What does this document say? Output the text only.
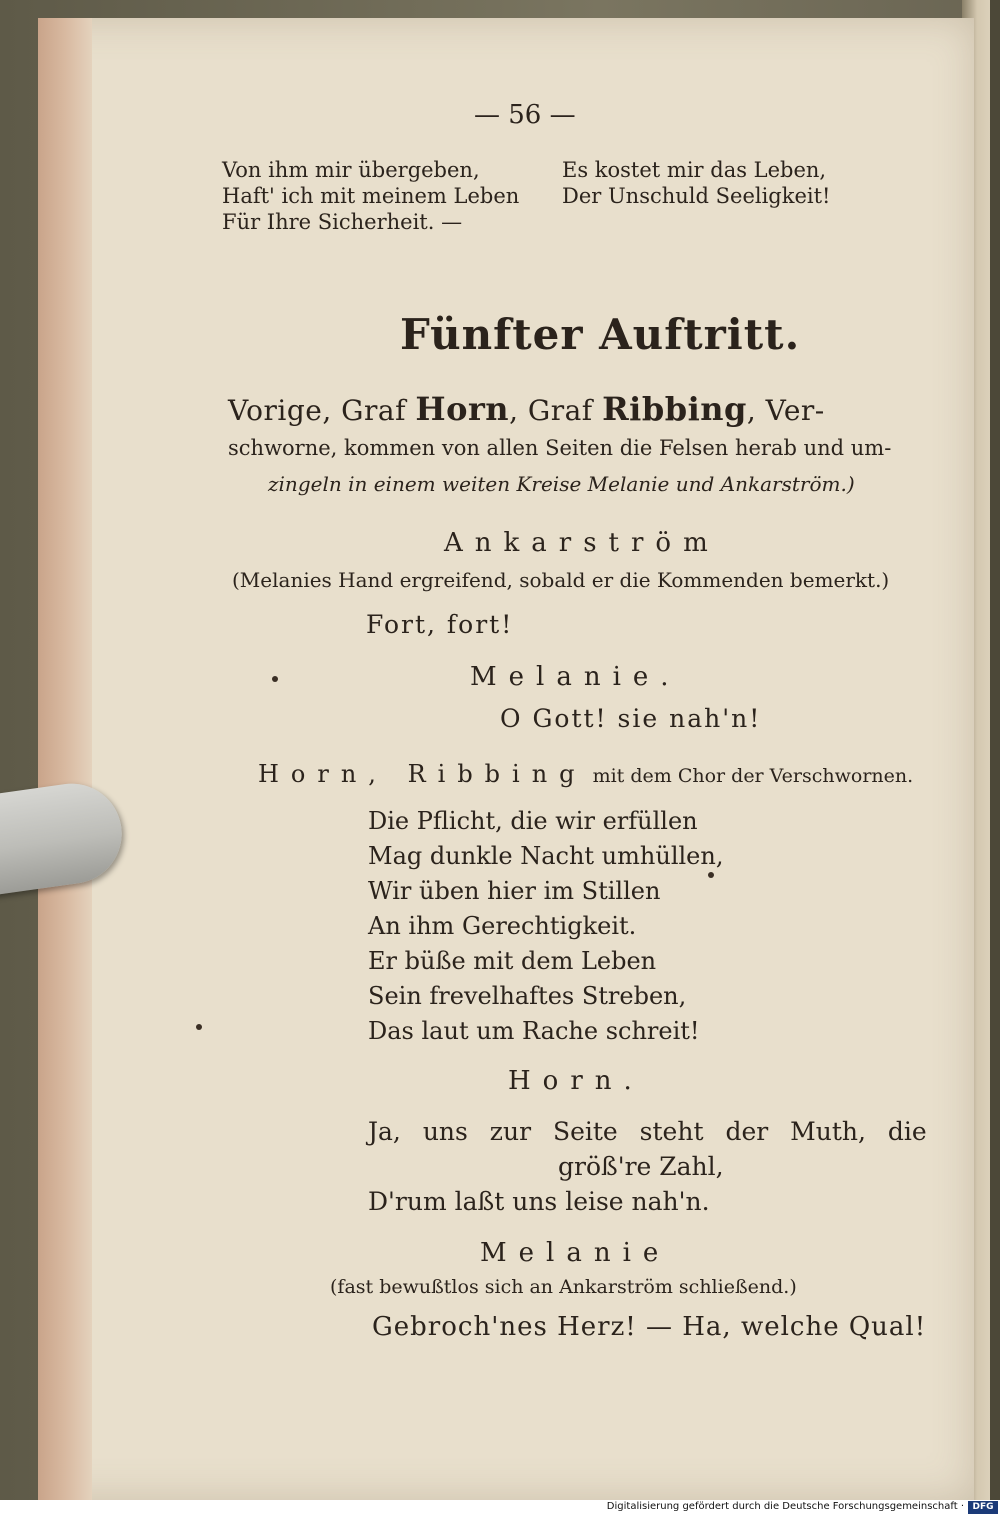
— 56 —
Von ihm mir übergeben,
Haft' ich mit meinem Leben
Für Ihre Sicherheit. —
Es kostet mir das Leben,
Der Unschuld Seeligkeit!
Fünfter Auftritt.
Vorige, Graf Horn, Graf Ribbing, Ver-
schworne, kommen von allen Seiten die Felsen herab und um-
zingeln in einem weiten Kreise Melanie und Ankarström.)
Ankarström
(Melanies Hand ergreifend, sobald er die Kommenden bemerkt.)
Fort, fort!
Melanie.
O Gott! sie nah'n!
Horn, Ribbing mit dem Chor der Verschwornen.
Die Pflicht, die wir erfüllen
Mag dunkle Nacht umhüllen,
Wir üben hier im Stillen
An ihm Gerechtigkeit.
Er büße mit dem Leben
Sein frevelhaftes Streben,
Das laut um Rache schreit!
Horn.
Ja, uns zur Seite steht der Muth, die
größ're Zahl,
D'rum laßt uns leise nah'n.
Melanie
(fast bewußtlos sich an Ankarström schließend.)
Gebroch'nes Herz! — Ha, welche Qual!
Digitalisierung gefördert durch die Deutsche Forschungsgemeinschaft · DFG
